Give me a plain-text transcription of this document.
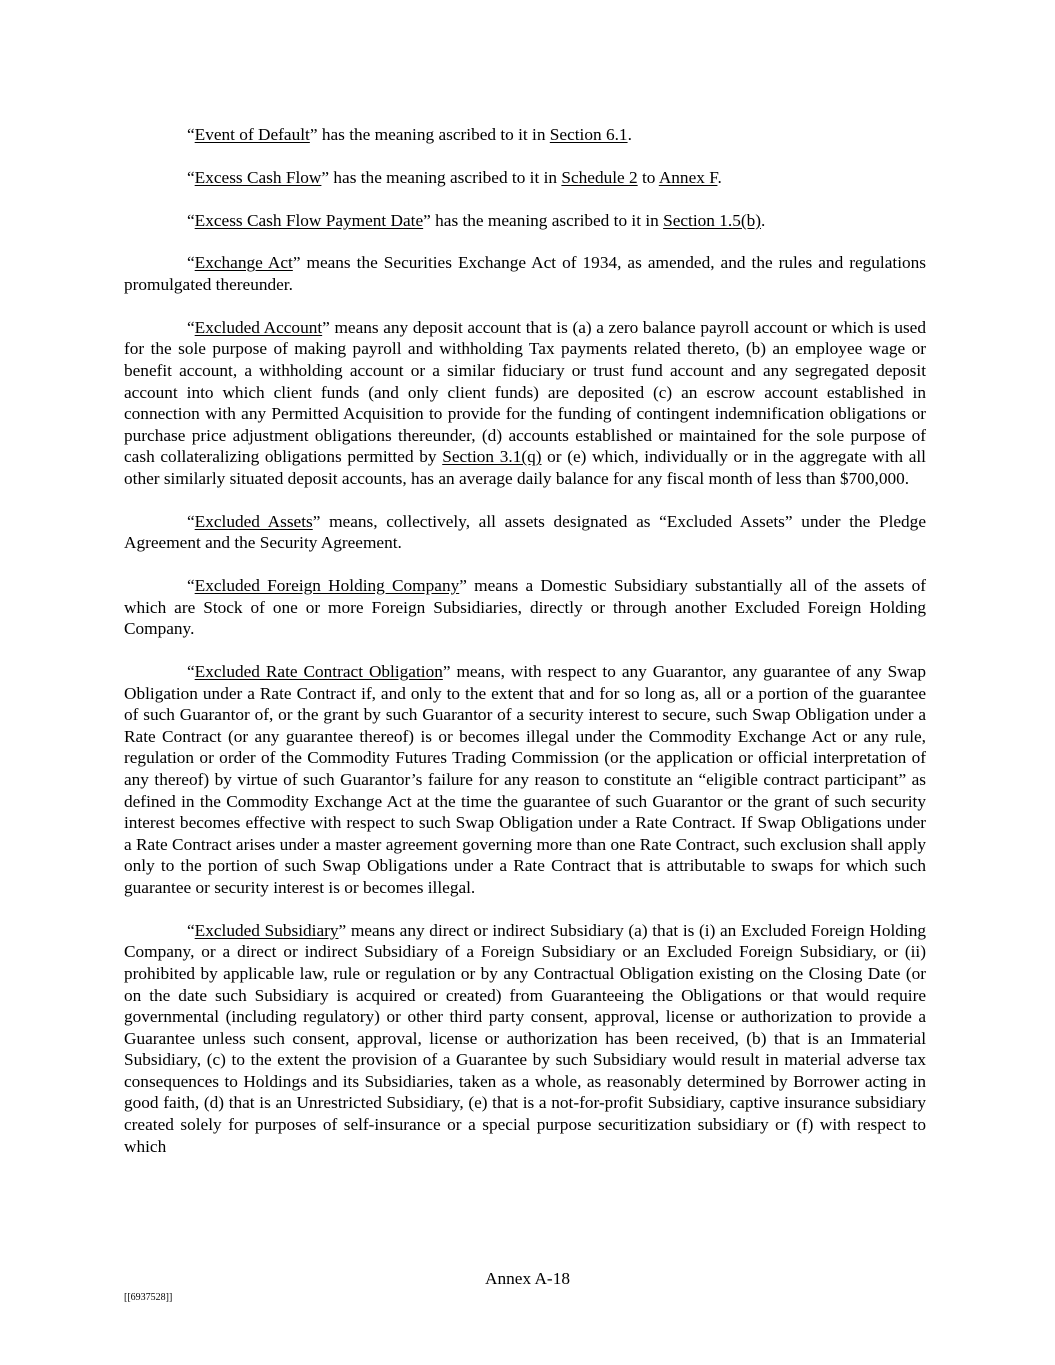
“Event of Default” has the meaning ascribed to it in Section 6.1.

“Excess Cash Flow” has the meaning ascribed to it in Schedule 2 to Annex F.

“Excess Cash Flow Payment Date” has the meaning ascribed to it in Section 1.5(b).

“Exchange Act” means the Securities Exchange Act of 1934, as amended, and the rules and regulations promulgated thereunder.

“Excluded Account” means any deposit account that is (a) a zero balance payroll account or which is used for the sole purpose of making payroll and withholding Tax payments related thereto, (b) an employee wage or benefit account, a withholding account or a similar fiduciary or trust fund account and any segregated deposit account into which client funds (and only client funds) are deposited (c) an escrow account established in connection with any Permitted Acquisition to provide for the funding of contingent indemnification obligations or purchase price adjustment obligations thereunder, (d) accounts established or maintained for the sole purpose of cash collateralizing obligations permitted by Section 3.1(q) or (e) which, individually or in the aggregate with all other similarly situated deposit accounts, has an average daily balance for any fiscal month of less than $700,000.

“Excluded Assets” means, collectively, all assets designated as “Excluded Assets” under the Pledge Agreement and the Security Agreement.

“Excluded Foreign Holding Company” means a Domestic Subsidiary substantially all of the assets of which are Stock of one or more Foreign Subsidiaries, directly or through another Excluded Foreign Holding Company.

“Excluded Rate Contract Obligation” means, with respect to any Guarantor, any guarantee of any Swap Obligation under a Rate Contract if, and only to the extent that and for so long as, all or a portion of the guarantee of such Guarantor of, or the grant by such Guarantor of a security interest to secure, such Swap Obligation under a Rate Contract (or any guarantee thereof) is or becomes illegal under the Commodity Exchange Act or any rule, regulation or order of the Commodity Futures Trading Commission (or the application or official interpretation of any thereof) by virtue of such Guarantor’s failure for any reason to constitute an “eligible contract participant” as defined in the Commodity Exchange Act at the time the guarantee of such Guarantor or the grant of such security interest becomes effective with respect to such Swap Obligation under a Rate Contract. If Swap Obligations under a Rate Contract arises under a master agreement governing more than one Rate Contract, such exclusion shall apply only to the portion of such Swap Obligations under a Rate Contract that is attributable to swaps for which such guarantee or security interest is or becomes illegal.

“Excluded Subsidiary” means any direct or indirect Subsidiary (a) that is (i) an Excluded Foreign Holding Company, or a direct or indirect Subsidiary of a Foreign Subsidiary or an Excluded Foreign Subsidiary, or (ii) prohibited by applicable law, rule or regulation or by any Contractual Obligation existing on the Closing Date (or on the date such Subsidiary is acquired or created) from Guaranteeing the Obligations or that would require governmental (including regulatory) or other third party consent, approval, license or authorization to provide a Guarantee unless such consent, approval, license or authorization has been received, (b) that is an Immaterial Subsidiary, (c) to the extent the provision of a Guarantee by such Subsidiary would result in material adverse tax consequences to Holdings and its Subsidiaries, taken as a whole, as reasonably determined by Borrower acting in good faith, (d) that is an Unrestricted Subsidiary, (e) that is a not-for-profit Subsidiary, captive insurance subsidiary created solely for purposes of self-insurance or a special purpose securitization subsidiary or (f) with respect to which

Annex A-18
[[6937528]]
